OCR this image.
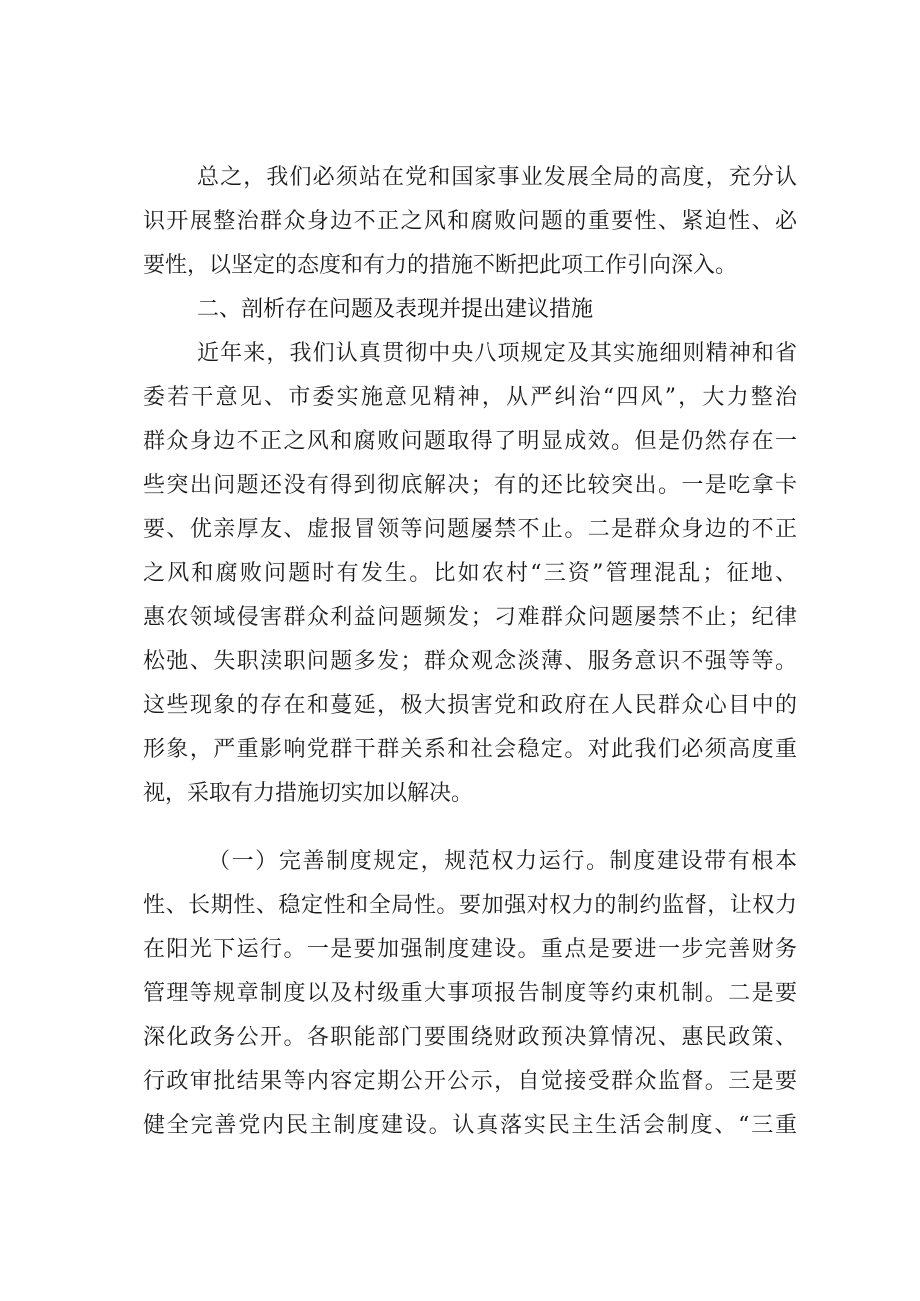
总之，我们必须站在党和国家事业发展全局的高度，充分认
识开展整治群众身边不正之风和腐败问题的重要性、紧迫性、必
要性，以坚定的态度和有力的措施不断把此项工作引向深入。
二、剖析存在问题及表现并提出建议措施
近年来，我们认真贯彻中央八项规定及其实施细则精神和省
委若干意见、市委实施意见精神，从严纠治“四风”，大力整治
群众身边不正之风和腐败问题取得了明显成效。但是仍然存在一
些突出问题还没有得到彻底解决；有的还比较突出。一是吃拿卡
要、优亲厚友、虚报冒领等问题屡禁不止。二是群众身边的不正
之风和腐败问题时有发生。比如农村“三资”管理混乱；征地、
惠农领域侵害群众利益问题频发；刁难群众问题屡禁不止；纪律
松弛、失职渎职问题多发；群众观念淡薄、服务意识不强等等。
这些现象的存在和蔓延，极大损害党和政府在人民群众心目中的
形象，严重影响党群干群关系和社会稳定。对此我们必须高度重
视，采取有力措施切实加以解决。
（一）完善制度规定，规范权力运行。制度建设带有根本
性、长期性、稳定性和全局性。要加强对权力的制约监督，让权力
在阳光下运行。一是要加强制度建设。重点是要进一步完善财务
管理等规章制度以及村级重大事项报告制度等约束机制。二是要
深化政务公开。各职能部门要围绕财政预决算情况、惠民政策、
行政审批结果等内容定期公开公示，自觉接受群众监督。三是要
健全完善党内民主制度建设。认真落实民主生活会制度、“三重
